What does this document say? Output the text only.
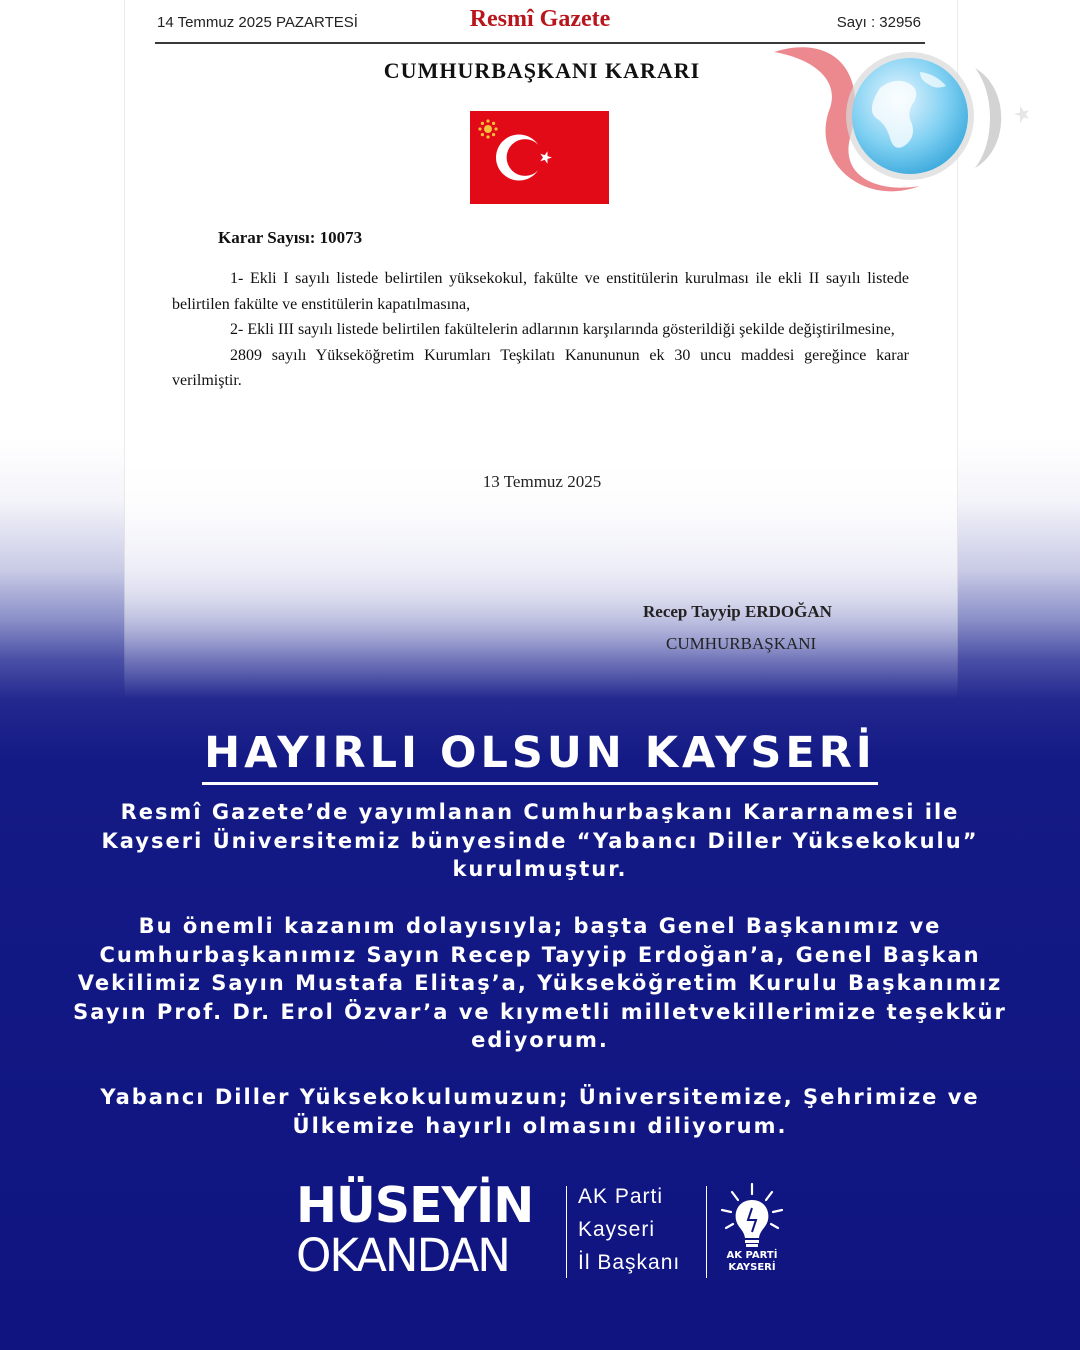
14 Temmuz 2025 PAZARTESİ	Resmî Gazete	Sayı : 32956
CUMHURBAŞKANI KARARI
Karar Sayısı: 10073

1- Ekli I sayılı listede belirtilen yüksekokul, fakülte ve enstitülerin kurulması ile ekli II sayılı listede belirtilen fakülte ve enstitülerin kapatılmasına,

2- Ekli III sayılı listede belirtilen fakültelerin adlarının karşılarında gösterildiği şekilde değiştirilmesine,

2809 sayılı Yükseköğretim Kurumları Teşkilatı Kanununun ek 30 uncu maddesi gereğince karar verilmiştir.

13 Temmuz 2025
Recep Tayyip ERDOĞAN
CUMHURBAŞKANI
HAYIRLI OLSUN KAYSERİ

Resmî Gazete’de yayımlanan Cumhurbaşkanı Kararnamesi ile Kayseri Üniversitemiz bünyesinde “Yabancı Diller Yüksekokulu” kurulmuştur.

Bu önemli kazanım dolayısıyla; başta Genel Başkanımız ve Cumhurbaşkanımız Sayın Recep Tayyip Erdoğan’a, Genel Başkan Vekilimiz Sayın Mustafa Elitaş’a, Yükseköğretim Kurulu Başkanımız Sayın Prof. Dr. Erol Özvar’a ve kıymetli milletvekillerimize teşekkür ediyorum.

Yabancı Diller Yüksekokulumuzun; Üniversitemize, Şehrimize ve Ülkemize hayırlı olmasını diliyorum.

HÜSEYİN
OKANDAN
AK Parti
Kayseri
İl Başkanı	AK PARTİ
KAYSERİ
